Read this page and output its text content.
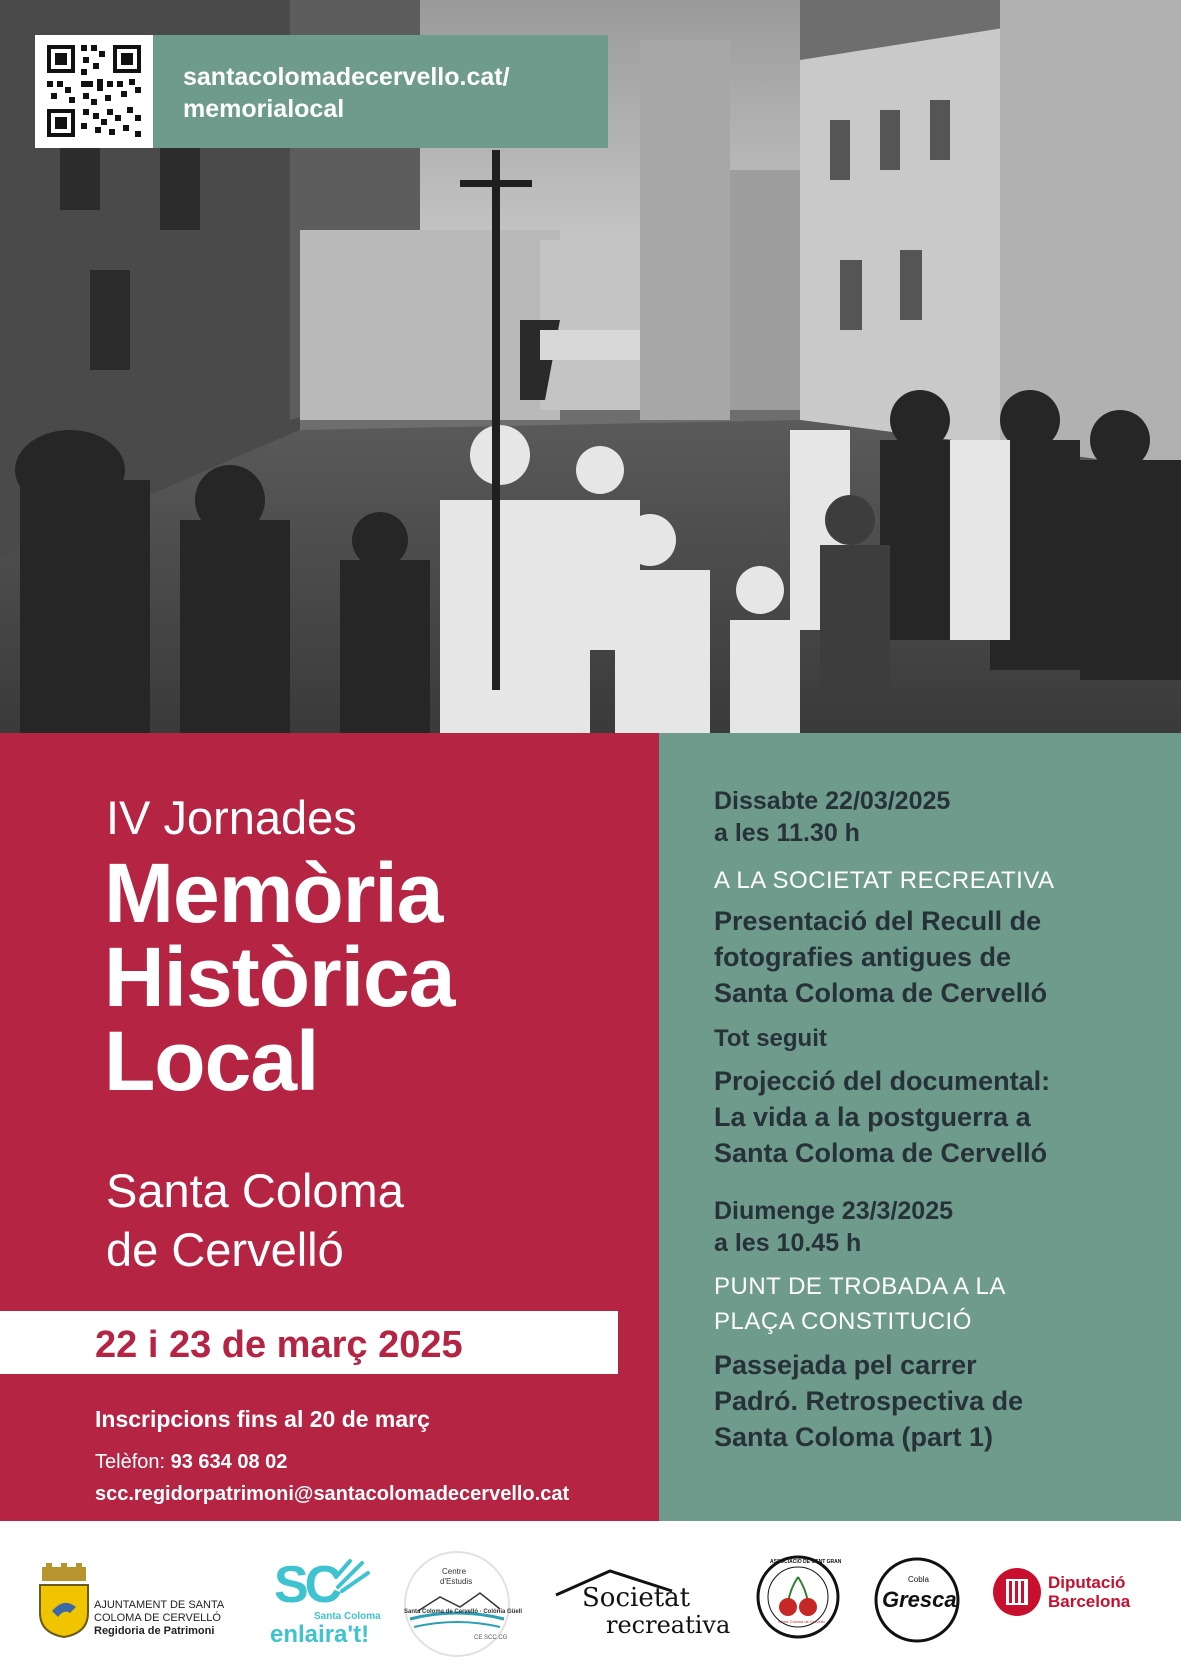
santacolomadecervello.cat/
memorialocal
IV Jornades
Memòria
Històrica
Local
Santa Coloma
de Cervelló
22 i 23 de març 2025
Inscripcions fins al 20 de març
Telèfon: 93 634 08 02
scc.regidorpatrimoni@santacolomadecervello.cat
Dissabte 22/03/2025
a les 11.30 h
A LA SOCIETAT RECREATIVA
Presentació del Recull de
fotografies antigues de
Santa Coloma de Cervelló
Tot seguit
Projecció del documental:
La vida a la postguerra a
Santa Coloma de Cervelló
Diumenge 23/3/2025
a les 10.45 h
PUNT DE TROBADA A LA
PLAÇA CONSTITUCIÓ
Passejada pel carrer
Padró. Retrospectiva de
Santa Coloma (part 1)
AJUNTAMENT DE SANTA
COLOMA DE CERVELLÓ
Regidoria de Patrimoni
SC
Santa Coloma
enlaira't!
Centre
d'Estudis
Santa Coloma de Cervelló · Colònia Güell
CE.SCC.CG
Societat
recreativa
ASSOCIACIÓ DE GENT GRAN
Santa Coloma de Cervelló
Cobla
Gresca
Diputació
Barcelona
